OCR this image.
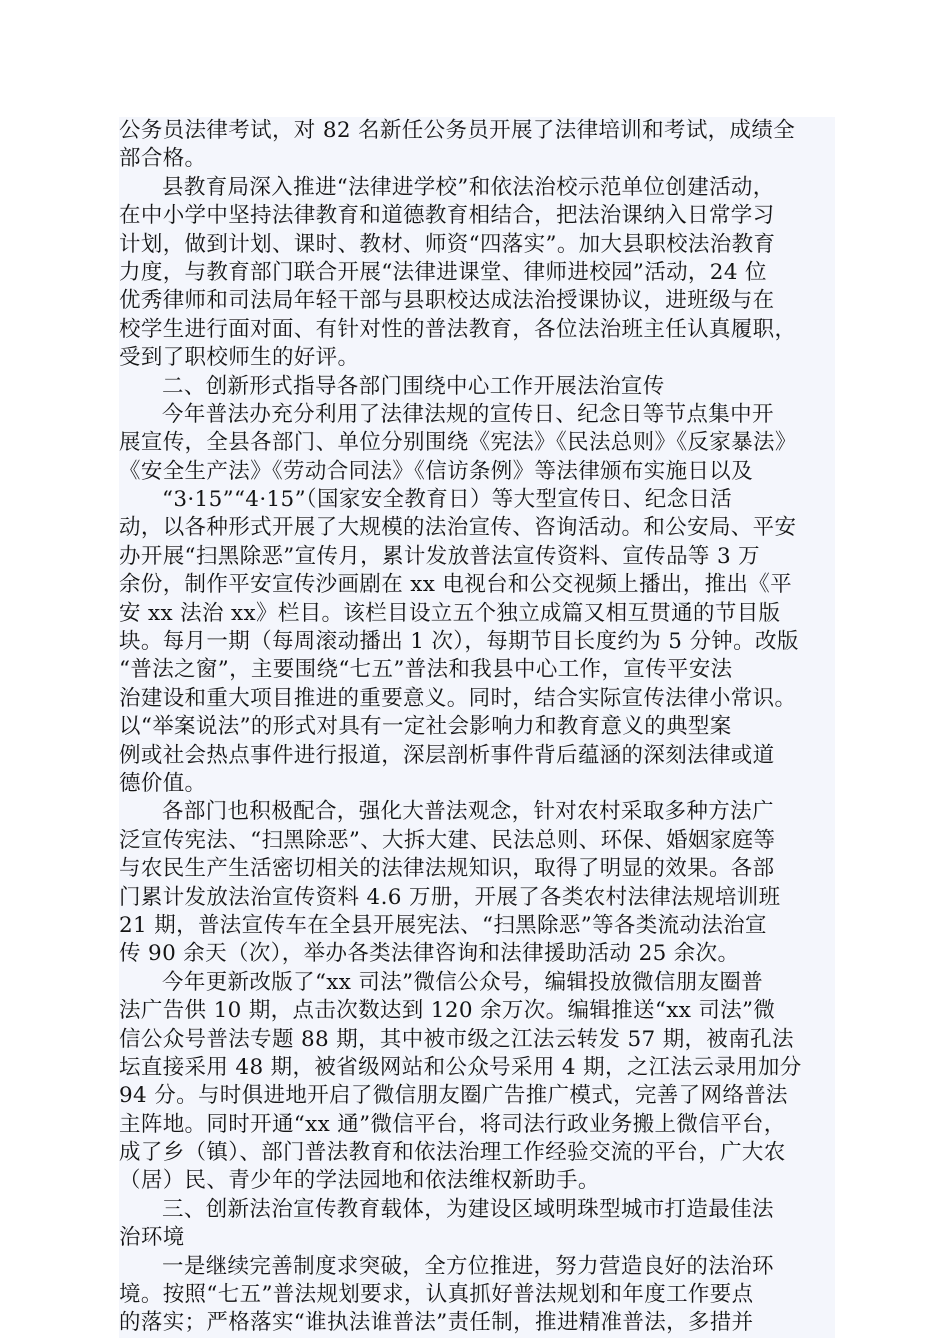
公务员法律考试，对 82 名新任公务员开展了法律培训和考试，成绩全
部合格。
县教育局深入推进“法律进学校”和依法治校示范单位创建活动，
在中小学中坚持法律教育和道德教育相结合，把法治课纳入日常学习
计划，做到计划、课时、教材、师资“四落实”。加大县职校法治教育
力度，与教育部门联合开展“法律进课堂、律师进校园”活动，24 位
优秀律师和司法局年轻干部与县职校达成法治授课协议，进班级与在
校学生进行面对面、有针对性的普法教育，各位法治班主任认真履职，
受到了职校师生的好评。
二、创新形式指导各部门围绕中心工作开展法治宣传
今年普法办充分利用了法律法规的宣传日、纪念日等节点集中开
展宣传，全县各部门、单位分别围绕《宪法》《民法总则》《反家暴法》
《安全生产法》《劳动合同法》《信访条例》等法律颁布实施日以及
“3·15”“4·15”（国家安全教育日）等大型宣传日、纪念日活
动，以各种形式开展了大规模的法治宣传、咨询活动。和公安局、平安
办开展“扫黑除恶”宣传月，累计发放普法宣传资料、宣传品等 3 万
余份，制作平安宣传沙画剧在 xx 电视台和公交视频上播出，推出《平
安 xx 法治 xx》栏目。该栏目设立五个独立成篇又相互贯通的节目版
块。每月一期（每周滚动播出 1 次），每期节目长度约为 5 分钟。改版
“普法之窗”，主要围绕“七五”普法和我县中心工作，宣传平安法
治建设和重大项目推进的重要意义。同时，结合实际宣传法律小常识。
以“举案说法”的形式对具有一定社会影响力和教育意义的典型案
例或社会热点事件进行报道，深层剖析事件背后蕴涵的深刻法律或道
德价值。
各部门也积极配合，强化大普法观念，针对农村采取多种方法广
泛宣传宪法、“扫黑除恶”、大拆大建、民法总则、环保、婚姻家庭等
与农民生产生活密切相关的法律法规知识，取得了明显的效果。各部
门累计发放法治宣传资料 4.6 万册，开展了各类农村法律法规培训班
21 期，普法宣传车在全县开展宪法、“扫黑除恶”等各类流动法治宣
传 90 余天（次），举办各类法律咨询和法律援助活动 25 余次。
今年更新改版了“xx 司法”微信公众号，编辑投放微信朋友圈普
法广告供 10 期，点击次数达到 120 余万次。编辑推送“xx 司法”微
信公众号普法专题 88 期，其中被市级之江法云转发 57 期，被南孔法
坛直接采用 48 期，被省级网站和公众号采用 4 期，之江法云录用加分
94 分。与时俱进地开启了微信朋友圈广告推广模式，完善了网络普法
主阵地。同时开通“xx 通”微信平台，将司法行政业务搬上微信平台，
成了乡（镇）、部门普法教育和依法治理工作经验交流的平台，广大农
（居）民、青少年的学法园地和依法维权新助手。
三、创新法治宣传教育载体，为建设区域明珠型城市打造最佳法
治环境
一是继续完善制度求突破，全方位推进，努力营造良好的法治环
境。按照“七五”普法规划要求，认真抓好普法规划和年度工作要点
的落实；严格落实“谁执法谁普法”责任制，推进精准普法，多措并
